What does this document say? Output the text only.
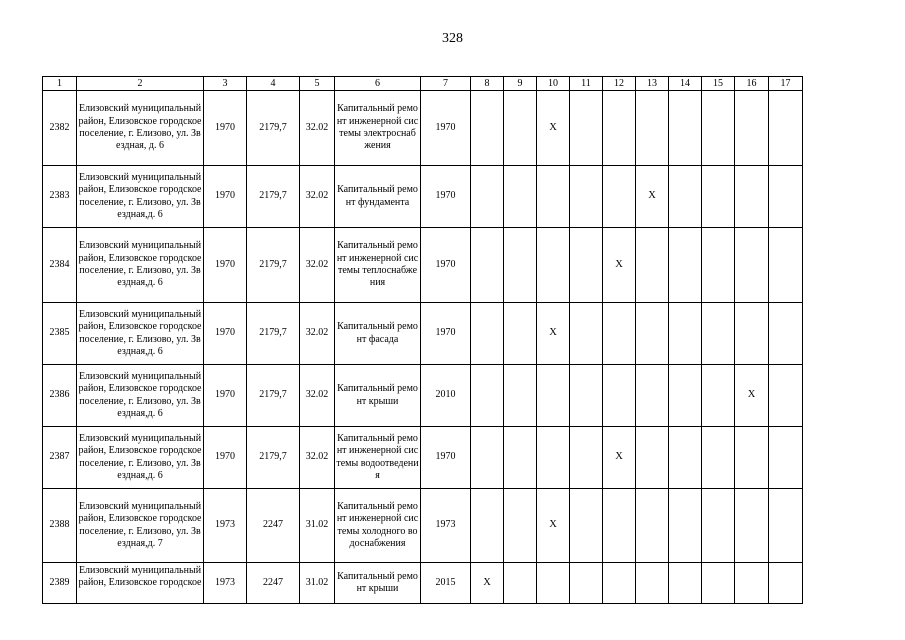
328
1	2	3	4	5	6	7	8	9	10	11	12	13	14	15	16	17
2382	Елизовский муниципальный район, Елизовское городское поселение, г. Елизово, ул. Звездная, д. 6	1970	2179,7	32.02	Капитальный ремонт инженерной системы электроснабжения	1970			X							
2383	Елизовский муниципальный район, Елизовское городское поселение, г. Елизово, ул. Звездная,д. 6	1970	2179,7	32.02	Капитальный ремонт фундамента	1970						X				
2384	Елизовский муниципальный район, Елизовское городское поселение, г. Елизово, ул. Звездная,д. 6	1970	2179,7	32.02	Капитальный ремонт инженерной системы теплоснабжения	1970					X					
2385	Елизовский муниципальный район, Елизовское городское поселение, г. Елизово, ул. Звездная,д. 6	1970	2179,7	32.02	Капитальный ремонт фасада	1970			X							
2386	Елизовский муниципальный район, Елизовское городское поселение, г. Елизово, ул. Звездная,д. 6	1970	2179,7	32.02	Капитальный ремонт крыши	2010									X	
2387	Елизовский муниципальный район, Елизовское городское поселение, г. Елизово, ул. Звездная,д. 6	1970	2179,7	32.02	Капитальный ремонт инженерной системы водоотведения	1970					X					
2388	Елизовский муниципальный район, Елизовское городское поселение, г. Елизово, ул. Звездная,д. 7	1973	2247	31.02	Капитальный ремонт инженерной системы холодного водоснабжения	1973			X							
2389	Елизовский муниципальный район, Елизовское городское	1973	2247	31.02	Капитальный ремонт крыши	2015	X									
